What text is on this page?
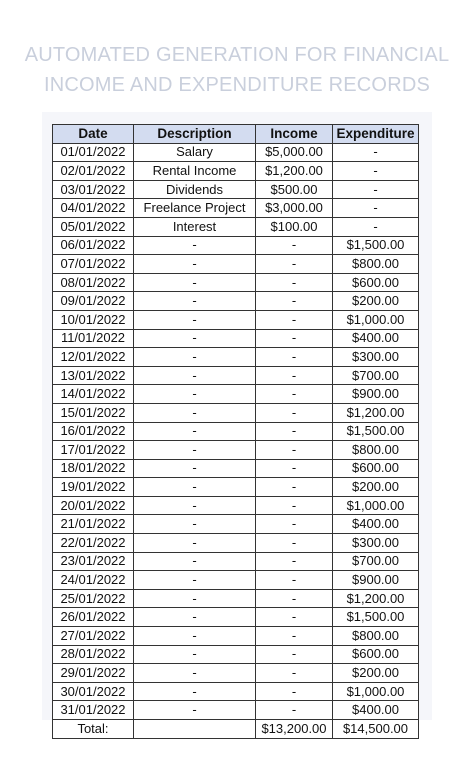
AUTOMATED GENERATION FOR FINANCIAL
INCOME AND EXPENDITURE RECORDS
Date	Description	Income	Expenditure
01/01/2022	Salary	$5,000.00	-
02/01/2022	Rental Income	$1,200.00	-
03/01/2022	Dividends	$500.00	-
04/01/2022	Freelance Project	$3,000.00	-
05/01/2022	Interest	$100.00	-
06/01/2022	-	-	$1,500.00
07/01/2022	-	-	$800.00
08/01/2022	-	-	$600.00
09/01/2022	-	-	$200.00
10/01/2022	-	-	$1,000.00
11/01/2022	-	-	$400.00
12/01/2022	-	-	$300.00
13/01/2022	-	-	$700.00
14/01/2022	-	-	$900.00
15/01/2022	-	-	$1,200.00
16/01/2022	-	-	$1,500.00
17/01/2022	-	-	$800.00
18/01/2022	-	-	$600.00
19/01/2022	-	-	$200.00
20/01/2022	-	-	$1,000.00
21/01/2022	-	-	$400.00
22/01/2022	-	-	$300.00
23/01/2022	-	-	$700.00
24/01/2022	-	-	$900.00
25/01/2022	-	-	$1,200.00
26/01/2022	-	-	$1,500.00
27/01/2022	-	-	$800.00
28/01/2022	-	-	$600.00
29/01/2022	-	-	$200.00
30/01/2022	-	-	$1,000.00
31/01/2022	-	-	$400.00
Total:		$13,200.00	$14,500.00
